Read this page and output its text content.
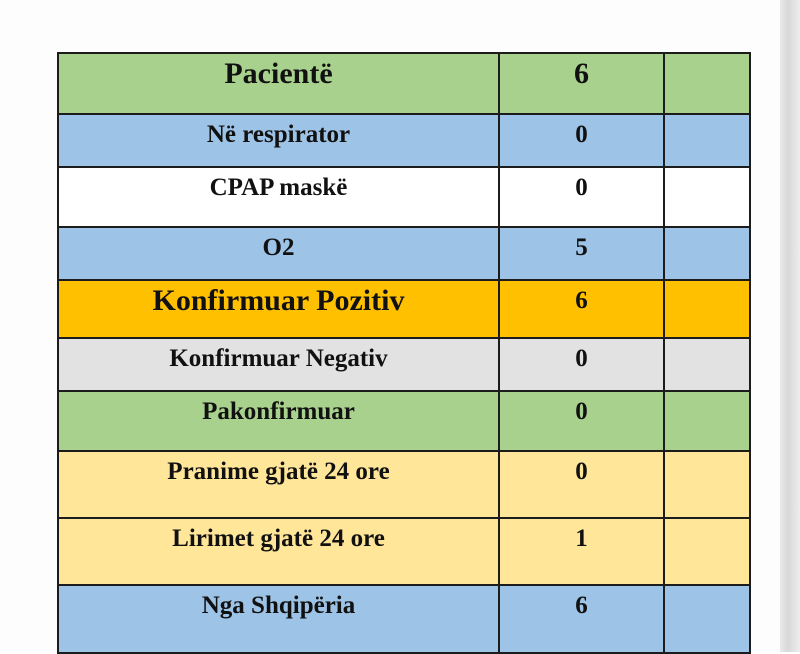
Pacientë	6	
Në respirator	0	
CPAP maskë	0	
O2	5	
Konfirmuar Pozitiv	6	
Konfirmuar Negativ	0	
Pakonfirmuar	0	
Pranime gjatë 24 ore	0	
Lirimet gjatë 24 ore	1	
Nga Shqipëria	6	
